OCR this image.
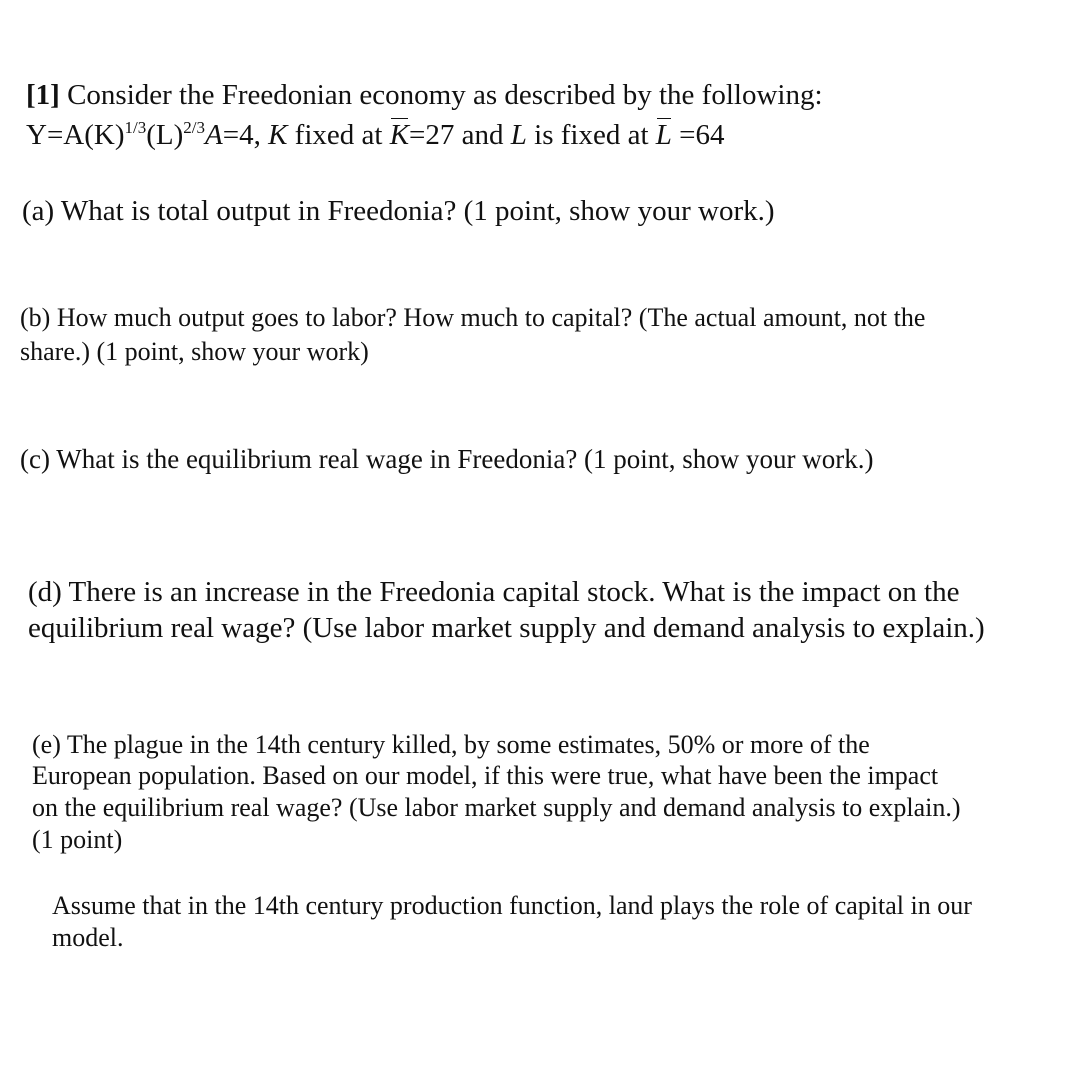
[1] Consider the Freedonian economy as described by the following:
$Y=A(K)^{1/3}(L)^{2/3}A=4$, K fixed at K=27 and L is fixed at L =64
(a) What is total output in Freedonia? (1 point, show your work.)
(b) How much output goes to labor? How much to capital? (The actual amount, not the
share.) (1 point, show your work)
(c) What is the equilibrium real wage in Freedonia? (1 point, show your work.)
(d) There is an increase in the Freedonia capital stock. What is the impact on the
equilibrium real wage? (Use labor market supply and demand analysis to explain.)
(e) The plague in the 14th century killed, by some estimates, 50% or more of the
European population. Based on our model, if this were true, what have been the impact
on the equilibrium real wage? (Use labor market supply and demand analysis to explain.)
(1 point)
Assume that in the 14th century production function, land plays the role of capital in our
model.
